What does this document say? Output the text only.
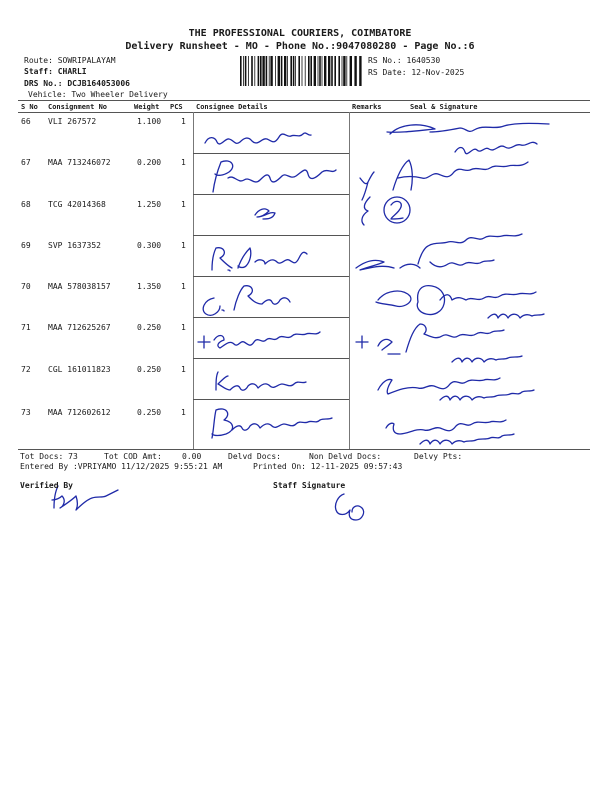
THE PROFESSIONAL COURIERS, COIMBATORE
Delivery Runsheet - MO - Phone No.:9047080280 - Page No.:6
Route: SOWRIPALAYAM
Staff: CHARLI
DRS No.: DCJB164053006
Vehicle: Two Wheeler Delivery
RS No.: 1640530
RS Date: 12-Nov-2025
S No Consignment No	Weight PCS Consignee Details	Remarks	Seal & Signature
66 VLI 267572	1.100 1
67 MAA 713246072	0.200 1
68 TCG 42014368	1.250 1
69 SVP 1637352	0.300 1
70 MAA 578038157	1.350 1
71 MAA 712625267	0.250 1
72 CGL 161011823	0.250 1
73 MAA 712602612	0.250 1
Tot Docs: 73	Tot COD Amt:	0.00	Delvd Docs:	Non Delvd Docs:	Delvy Pts:
Entered By :VPRIYAMO 11/12/2025 9:55:21 AM	Printed On: 12-11-2025 09:57:43
Verified By	Staff Signature
